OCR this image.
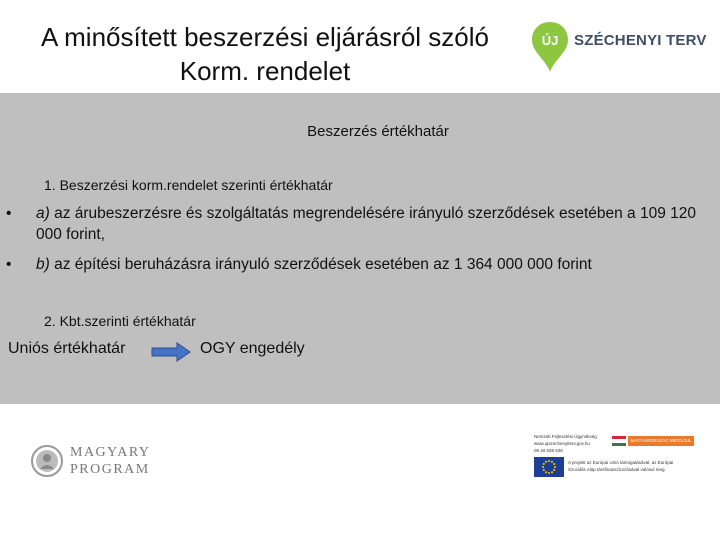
A minősített beszerzési eljárásról szóló
Korm. rendelet
ÚJ SZÉCHENYI TERV
Beszerzés értékhatár
1. Beszerzési korm.rendelet szerinti értékhatár
• a) az árubeszerzésre és szolgáltatás megrendelésére irányuló szerződések esetében a 109 120 000 forint,
• b) az építési beruházásra irányuló szerződések esetében az 1 364 000 000 forint
2. Kbt.szerinti értékhatár
Uniós értékhatár	OGY engedély
MAGYARY
PROGRAM
Nemzeti Fejlesztési Ügynökség
www.ujszechenyiterv.gov.hu
06 40 638 638
MAGYARORSZÁG MEGÚJUL
A projekt az Európai Unió támogatásával, az Európai
Szociális Alap társfinanszírozásával valósul meg.
